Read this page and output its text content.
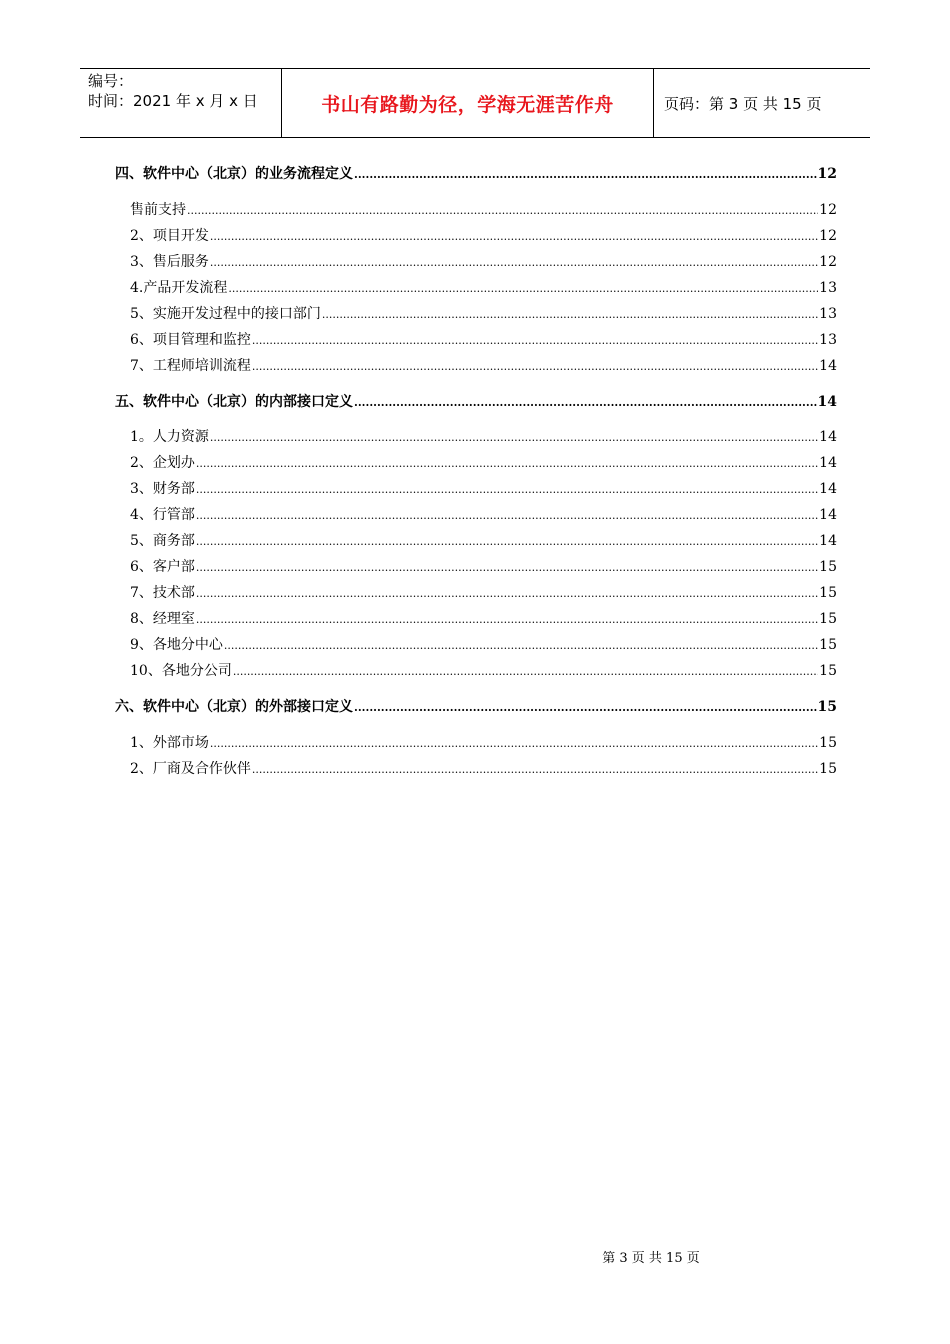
编号：
时间：2021 年 x 月 x 日	书山有路勤为径，学海无涯苦作舟	页码：第 3 页 共 15 页
四、软件中心（北京）的业务流程定义 .....	12
售前支持 .....	12
2、项目开发 .....	12
3、售后服务 .....	12
4.产品开发流程 .....	13
5、实施开发过程中的接口部门 .....	13
6、项目管理和监控 .....	13
7、工程师培训流程 .....	14
五、软件中心（北京）的内部接口定义 .....	14
1。人力资源 .....	14
2、企划办 .....	14
3、财务部 .....	14
4、行管部 .....	14
5、商务部 .....	14
6、客户部 .....	15
7、技术部 .....	15
8、经理室 .....	15
9、各地分中心 .....	15
10、各地分公司 .....	15
六、软件中心（北京）的外部接口定义 .....	15
1、外部市场 .....	15
2、厂商及合作伙伴 .....	15
第 3 页 共 15 页
